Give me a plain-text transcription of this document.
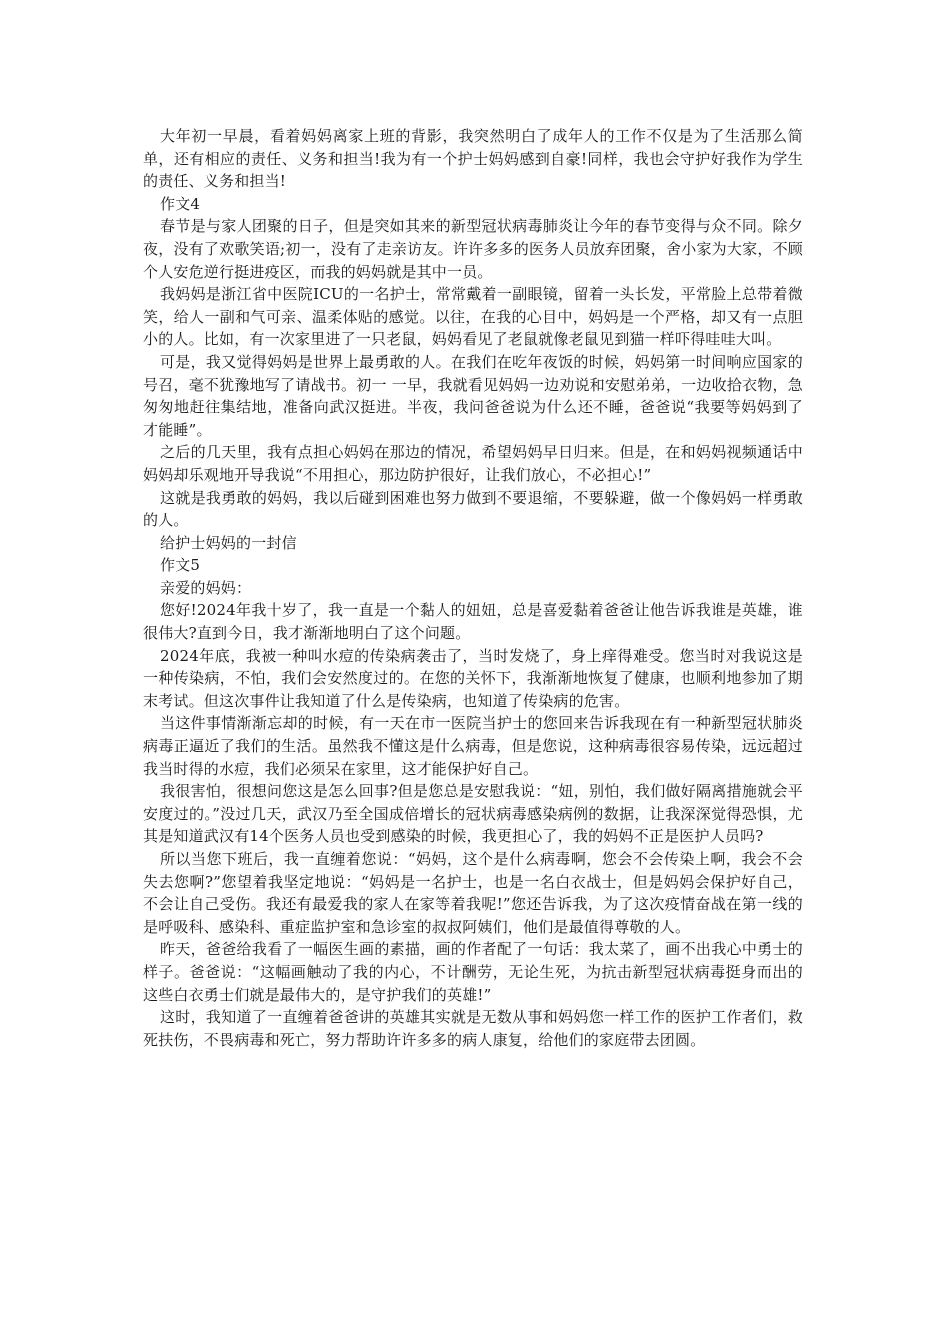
大年初一早晨，看着妈妈离家上班的背影，我突然明白了成年人的工作不仅是为了生活那么简单，还有相应的责任、义务和担当!我为有一个护士妈妈感到自豪!同样，我也会守护好我作为学生的责任、义务和担当!

作文4

春节是与家人团聚的日子，但是突如其来的新型冠状病毒肺炎让今年的春节变得与众不同。除夕夜，没有了欢歌笑语;初一，没有了走亲访友。许许多多的医务人员放弃团聚，舍小家为大家，不顾个人安危逆行挺进疫区，而我的妈妈就是其中一员。

我妈妈是浙江省中医院ICU的一名护士，常常戴着一副眼镜，留着一头长发，平常脸上总带着微笑，给人一副和气可亲、温柔体贴的感觉。以往，在我的心目中，妈妈是一个严格，却又有一点胆小的人。比如，有一次家里进了一只老鼠，妈妈看见了老鼠就像老鼠见到猫一样吓得哇哇大叫。

可是，我又觉得妈妈是世界上最勇敢的人。在我们在吃年夜饭的时候，妈妈第一时间响应国家的号召，毫不犹豫地写了请战书。初一 一早，我就看见妈妈一边劝说和安慰弟弟，一边收拾衣物，急匆匆地赶往集结地，准备向武汉挺进。半夜，我问爸爸说为什么还不睡，爸爸说“我要等妈妈到了才能睡”。

之后的几天里，我有点担心妈妈在那边的情况，希望妈妈早日归来。但是，在和妈妈视频通话中妈妈却乐观地开导我说“不用担心，那边防护很好，让我们放心，不必担心!”

这就是我勇敢的妈妈，我以后碰到困难也努力做到不要退缩，不要躲避，做一个像妈妈一样勇敢的人。

给护士妈妈的一封信

作文5

亲爱的妈妈：

您好!2024年我十岁了，我一直是一个黏人的妞妞，总是喜爱黏着爸爸让他告诉我谁是英雄，谁很伟大?直到今日，我才渐渐地明白了这个问题。

2024年底，我被一种叫水痘的传染病袭击了，当时发烧了，身上痒得难受。您当时对我说这是一种传染病，不怕，我们会安然度过的。在您的关怀下，我渐渐地恢复了健康，也顺利地参加了期末考试。但这次事件让我知道了什么是传染病，也知道了传染病的危害。

当这件事情渐渐忘却的时候，有一天在市一医院当护士的您回来告诉我现在有一种新型冠状肺炎病毒正逼近了我们的生活。虽然我不懂这是什么病毒，但是您说，这种病毒很容易传染，远远超过我当时得的水痘，我们必须呆在家里，这才能保护好自己。

我很害怕，很想问您这是怎么回事?但是您总是安慰我说：“妞，别怕，我们做好隔离措施就会平安度过的。”没过几天，武汉乃至全国成倍增长的冠状病毒感染病例的数据，让我深深觉得恐惧，尤其是知道武汉有14个医务人员也受到感染的时候，我更担心了，我的妈妈不正是医护人员吗?

所以当您下班后，我一直缠着您说：“妈妈，这个是什么病毒啊，您会不会传染上啊，我会不会失去您啊?”您望着我坚定地说：“妈妈是一名护士，也是一名白衣战士，但是妈妈会保护好自己，不会让自己受伤。我还有最爱我的家人在家等着我呢!”您还告诉我，为了这次疫情奋战在第一线的是呼吸科、感染科、重症监护室和急诊室的叔叔阿姨们，他们是最值得尊敬的人。

昨天，爸爸给我看了一幅医生画的素描，画的作者配了一句话：我太菜了，画不出我心中勇士的样子。爸爸说：“这幅画触动了我的内心，不计酬劳，无论生死，为抗击新型冠状病毒挺身而出的这些白衣勇士们就是最伟大的，是守护我们的英雄!”

这时，我知道了一直缠着爸爸讲的英雄其实就是无数从事和妈妈您一样工作的医护工作者们，救死扶伤，不畏病毒和死亡，努力帮助许许多多的病人康复，给他们的家庭带去团圆。
